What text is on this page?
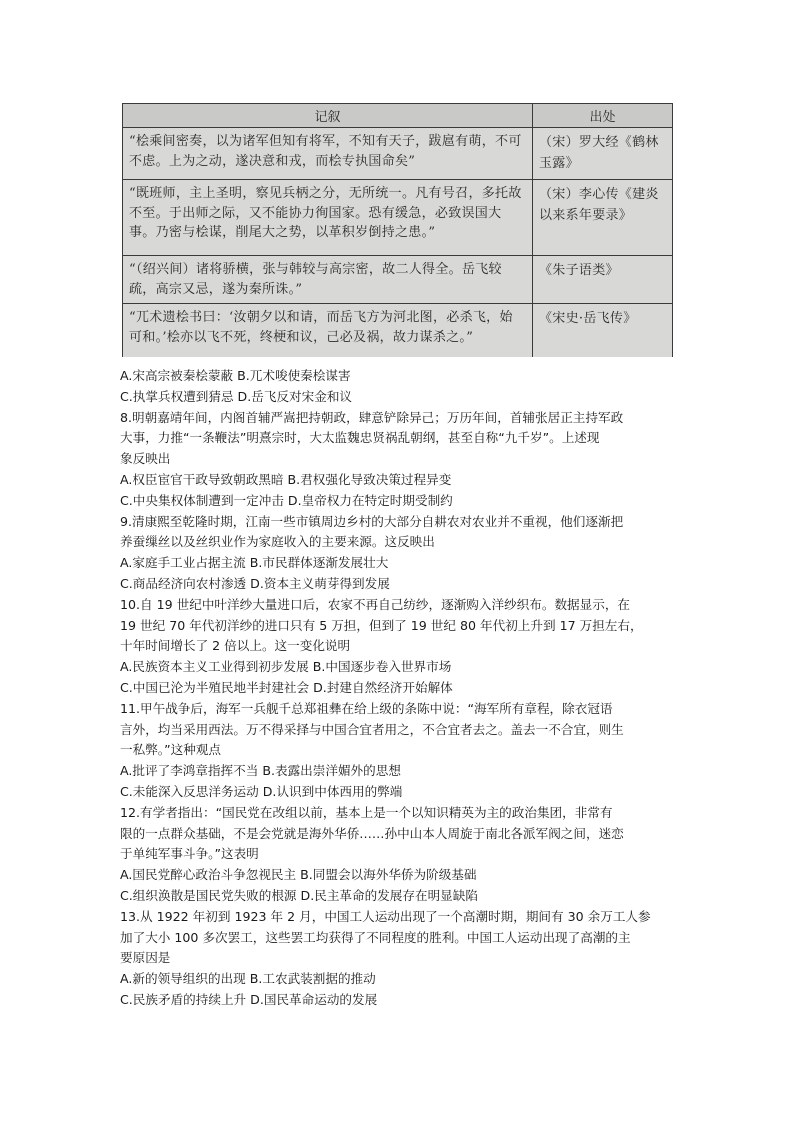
记叙	出处
“桧乘间密奏，以为诸军但知有将军，不知有天子，跋扈有萌，不可不虑。上为之动，遂决意和戎，而桧专执国命矣”	（宋）罗大经《鹤林玉露》
“既班师，主上圣明，察见兵柄之分，无所统一。凡有号召，多托故不至。于出师之际，又不能协力徇国家。恐有缓急，必致误国大事。乃密与桧谋，削尾大之势，以革积岁倒持之患。”	（宋）李心传《建炎以来系年要录》
“（绍兴间）诸将骄横，张与韩较与高宗密，故二人得全。岳飞较疏，高宗又忌，遂为秦所诛。”	《朱子语类》
“兀术遗桧书曰：‘汝朝夕以和请，而岳飞方为河北图，必杀飞，始可和。’桧亦以飞不死，终梗和议，己必及祸，故力谋杀之。”	《宋史·岳飞传》

A.宋高宗被秦桧蒙蔽 B.兀术唆使秦桧谋害

C.执掌兵权遭到猜忌 D.岳飞反对宋金和议

8.明朝嘉靖年间，内阁首辅严嵩把持朝政，肆意铲除异己；万历年间，首辅张居正主持军政

大事，力推“一条鞭法”明熹宗时，大太监魏忠贤祸乱朝纲，甚至自称“九千岁”。上述现

象反映出

A.权臣宦官干政导致朝政黑暗 B.君权强化导致决策过程异变

C.中央集权体制遭到一定冲击 D.皇帝权力在特定时期受制约

9.清康熙至乾隆时期，江南一些市镇周边乡村的大部分自耕农对农业并不重视，他们逐渐把

养蚕缫丝以及丝织业作为家庭收入的主要来源。这反映出

A.家庭手工业占据主流 B.市民群体逐渐发展壮大

C.商品经济向农村渗透 D.资本主义萌芽得到发展

10.自 19 世纪中叶洋纱大量进口后，农家不再自己纺纱，逐渐购入洋纱织布。数据显示，在

19 世纪 70 年代初洋纱的进口只有 5 万担，但到了 19 世纪 80 年代初上升到 17 万担左右，

十年时间增长了 2 倍以上。这一变化说明

A.民族资本主义工业得到初步发展 B.中国逐步卷入世界市场

C.中国已沦为半殖民地半封建社会 D.封建自然经济开始解体

11.甲午战争后，海军一兵舰千总郑祖彝在给上级的条陈中说：“海军所有章程，除衣冠语

言外，均当采用西法。万不得采择与中国合宜者用之，不合宜者去之。盖去一不合宜，则生

一私弊。”这种观点

A.批评了李鸿章指挥不当 B.表露出崇洋媚外的思想

C.未能深入反思洋务运动 D.认识到中体西用的弊端

12.有学者指出：“国民党在改组以前，基本上是一个以知识精英为主的政治集团，非常有

限的一点群众基础，不是会党就是海外华侨……孙中山本人周旋于南北各派军阀之间，迷恋

于单纯军事斗争。”这表明

A.国民党醉心政治斗争忽视民主 B.同盟会以海外华侨为阶级基础

C.组织涣散是国民党失败的根源 D.民主革命的发展存在明显缺陷

13.从 1922 年初到 1923 年 2 月，中国工人运动出现了一个高潮时期，期间有 30 余万工人参

加了大小 100 多次罢工，这些罢工均获得了不同程度的胜利。中国工人运动出现了高潮的主

要原因是

A.新的领导组织的出现 B.工农武装割据的推动

C.民族矛盾的持续上升 D.国民革命运动的发展
